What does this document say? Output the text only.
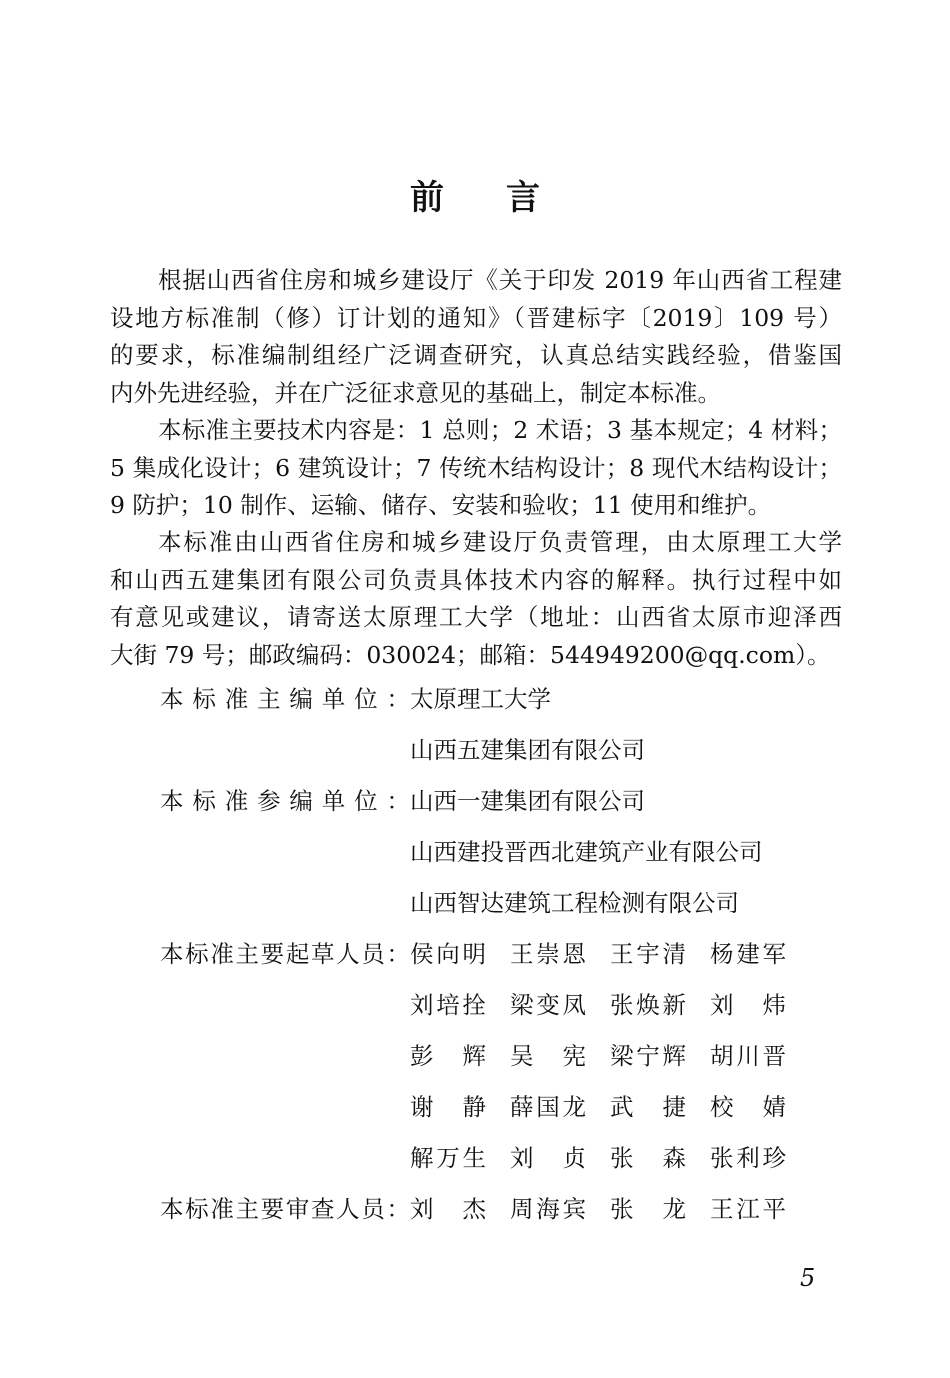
前 言
根据山西省住房和城乡建设厅《关于印发 2019 年山西省工程建
设地方标准制（修）订计划的通知》（晋建标字〔2019〕109 号）
的要求，标准编制组经广泛调查研究，认真总结实践经验，借鉴国
内外先进经验，并在广泛征求意见的基础上，制定本标准。
本标准主要技术内容是：1 总则；2 术语；3 基本规定；4 材料；
5 集成化设计；6 建筑设计；7 传统木结构设计；8 现代木结构设计；
9 防护；10 制作、运输、储存、安装和验收；11 使用和维护。
本标准由山西省住房和城乡建设厅负责管理，由太原理工大学
和山西五建集团有限公司负责具体技术内容的解释。执行过程中如
有意见或建议，请寄送太原理工大学（地址：山西省太原市迎泽西
大街 79 号；邮政编码：030024；邮箱：544949200@qq.com）。
本标准主编单位： 太原理工大学
山西五建集团有限公司
本标准参编单位： 山西一建集团有限公司
山西建投晋西北建筑产业有限公司
山西智达建筑工程检测有限公司
本标准主要起草人员： 侯向明 王崇恩 王宇清 杨建军
刘培拴 梁变凤 张焕新 刘　炜
彭　辉 吴　宪 梁宁辉 胡川晋
谢　静 薛国龙 武　捷 校　婧
解万生 刘　贞 张　森 张利珍
本标准主要审查人员： 刘　杰 周海宾 张　龙 王江平
5
